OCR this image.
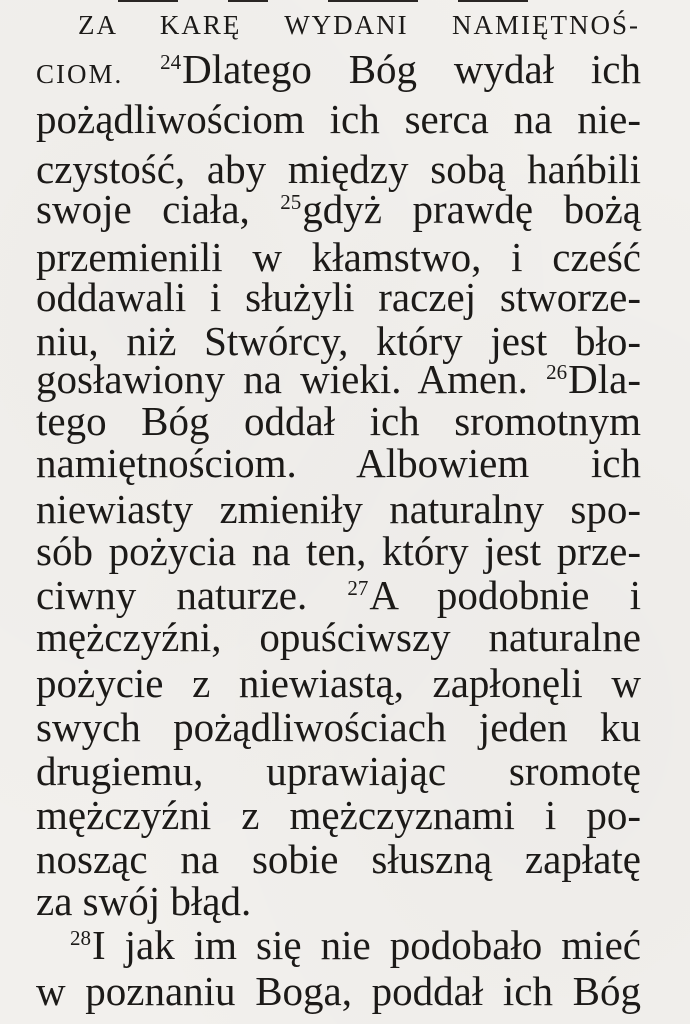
ZA KARĘ WYDANI NAMIĘTNOŚ-
CIOM. $^{24}$Dlatego Bóg wydał ich
pożądliwościom ich serca na nie-
czystość, aby między sobą hańbili
swoje ciała, $^{25}$gdyż prawdę bożą
przemienili w kłamstwo, i cześć
oddawali i służyli raczej stworze-
niu, niż Stwórcy, który jest bło-
gosławiony na wieki. Amen. $^{26}$Dla-
tego Bóg oddał ich sromotnym
namiętnościom. Albowiem ich
niewiasty zmieniły naturalny spo-
sób pożycia na ten, który jest prze-
ciwny naturze. $^{27}$A podobnie i
mężczyźni, opuściwszy naturalne
pożycie z niewiastą, zapłonęli w
swych pożądliwościach jeden ku
drugiemu, uprawiając sromotę
mężczyźni z mężczyznami i po-
nosząc na sobie słuszną zapłatę
za swój błąd.
$^{28}$I jak im się nie podobało mieć
w poznaniu Boga, poddał ich Bóg
